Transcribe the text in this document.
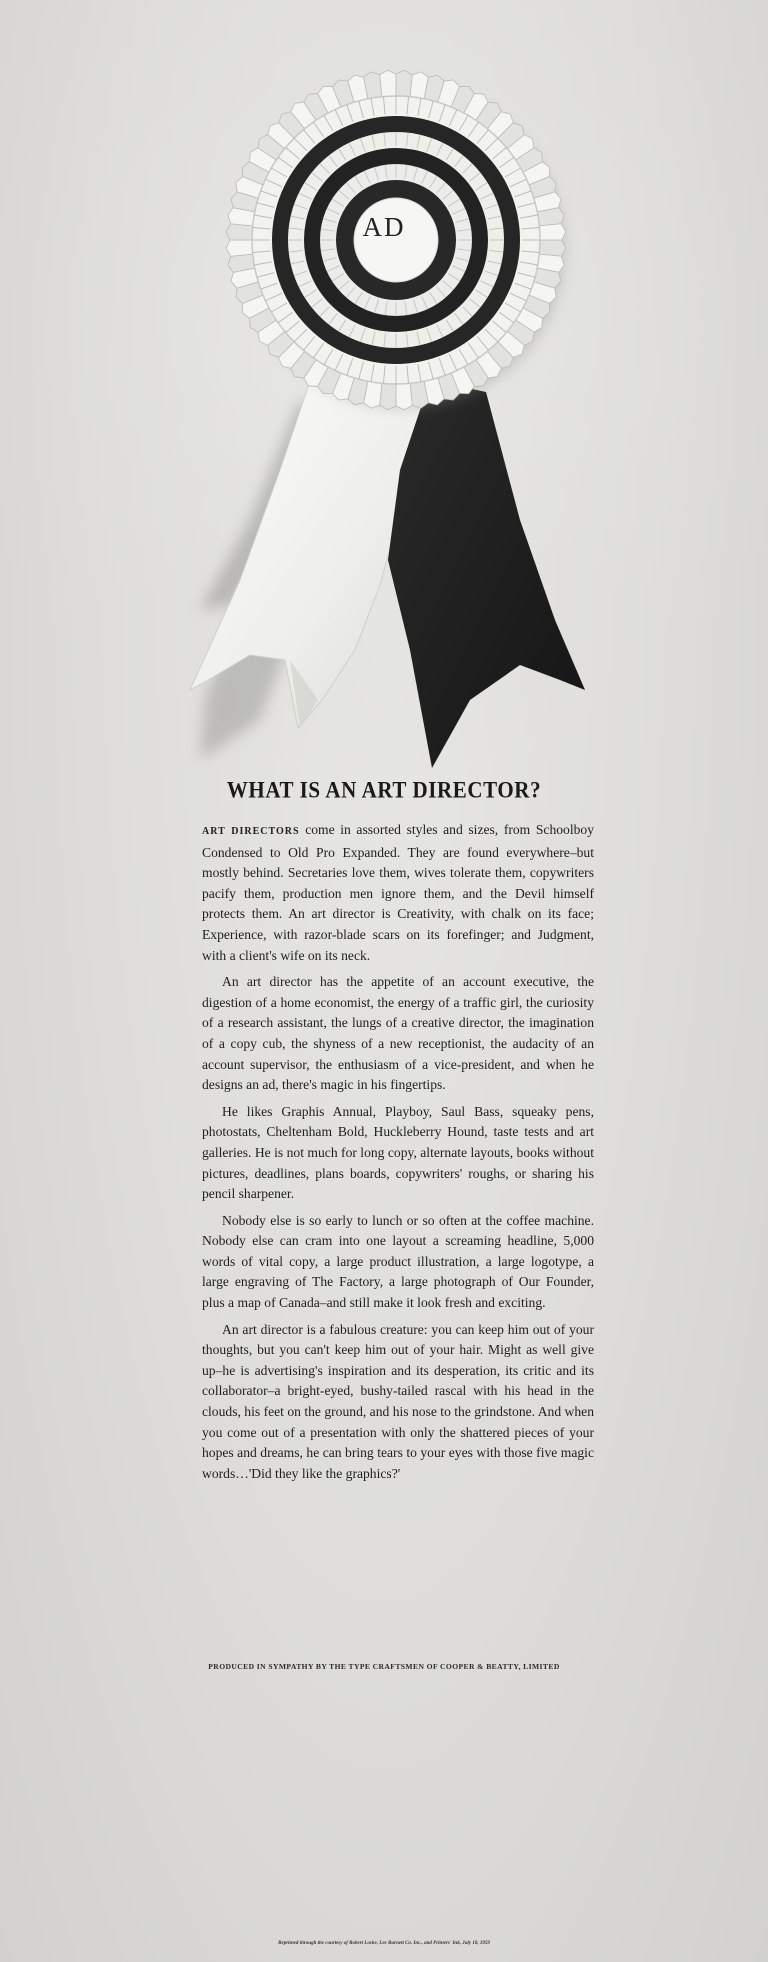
AD
WHAT IS AN ART DIRECTOR?

ART DIRECTORS come in assorted styles and sizes, from Schoolboy Condensed to Old Pro Expanded. They are found everywhere–but mostly behind. Secretaries love them, wives tolerate them, copywriters pacify them, production men ignore them, and the Devil himself protects them. An art director is Creativity, with chalk on its face; Experience, with razor-blade scars on its forefinger; and Judgment, with a client's wife on its neck.

An art director has the appetite of an account executive, the digestion of a home economist, the energy of a traffic girl, the curiosity of a research assistant, the lungs of a creative director, the imagination of a copy cub, the shyness of a new receptionist, the audacity of an account supervisor, the enthusiasm of a vice-president, and when he designs an ad, there's magic in his fingertips.

He likes Graphis Annual, Playboy, Saul Bass, squeaky pens, photostats, Cheltenham Bold, Huckleberry Hound, taste tests and art galleries. He is not much for long copy, alternate layouts, books without pictures, deadlines, plans boards, copywriters' roughs, or sharing his pencil sharpener.

Nobody else is so early to lunch or so often at the coffee machine. Nobody else can cram into one layout a screaming headline, 5,000 words of vital copy, a large product illustration, a large logotype, a large engraving of The Factory, a large photograph of Our Founder, plus a map of Canada–and still make it look fresh and exciting.

An art director is a fabulous creature: you can keep him out of your thoughts, but you can't keep him out of your hair. Might as well give up–he is advertising's inspiration and its desperation, its critic and its collaborator–a bright-eyed, bushy-tailed rascal with his head in the clouds, his feet on the ground, and his nose to the grindstone. And when you come out of a presentation with only the shattered pieces of your hopes and dreams, he can bring tears to your eyes with those five magic words…'Did they like the graphics?'

PRODUCED IN SYMPATHY BY THE TYPE CRAFTSMEN OF COOPER & BEATTY, LIMITED
Reprinted through the courtesy of Robert Locke, Lee Burnett Co. Inc., and Printers' Ink, July 10, 1959
